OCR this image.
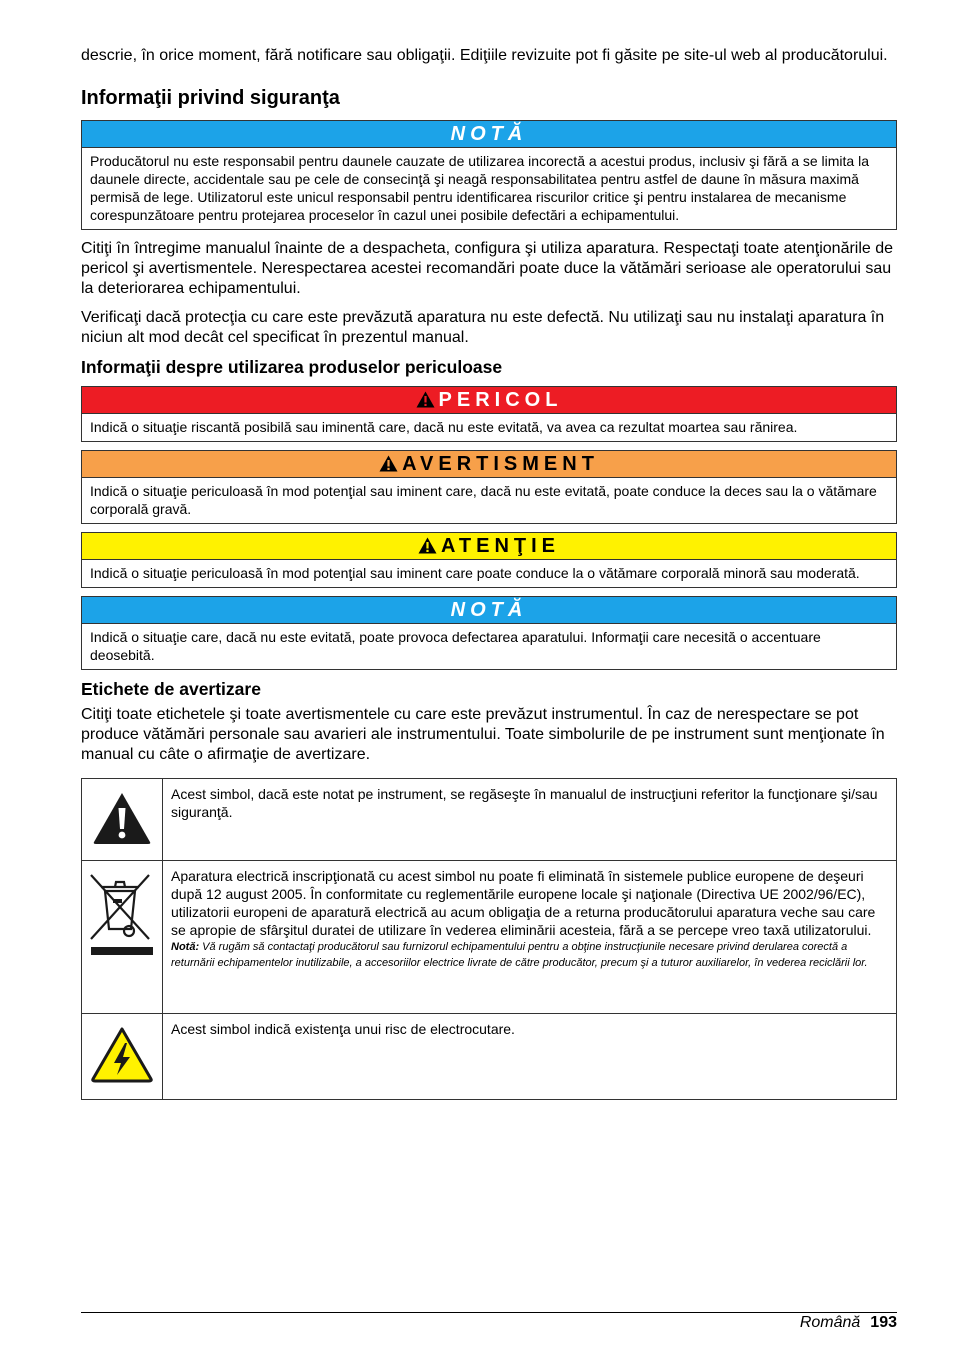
descrie, în orice moment, fără notificare sau obligaţii. Ediţiile revizuite pot fi găsite pe site-ul web al producătorului.

Informaţii privind siguranţa
NOTĂ
Producătorul nu este responsabil pentru daunele cauzate de utilizarea incorectă a acestui produs, inclusiv şi fără a se limita la daunele directe, accidentale sau pe cele de consecinţă şi neagă responsabilitatea pentru astfel de daune în măsura maximă permisă de lege. Utilizatorul este unicul responsabil pentru identificarea riscurilor critice şi pentru instalarea de mecanisme corespunzătoare pentru protejarea proceselor în cazul unei posibile defectări a echipamentului.

Citiţi în întregime manualul înainte de a despacheta, configura şi utiliza aparatura. Respectaţi toate atenţionările de pericol şi avertismentele. Nerespectarea acestei recomandări poate duce la vătămări serioase ale operatorului sau la deteriorarea echipamentului.

Verificaţi dacă protecţia cu care este prevăzută aparatura nu este defectă. Nu utilizaţi sau nu instalaţi aparatura în niciun alt mod decât cel specificat în prezentul manual.

Informaţii despre utilizarea produselor periculoase
PERICOL
Indică o situaţie riscantă posibilă sau iminentă care, dacă nu este evitată, va avea ca rezultat moartea sau rănirea.
AVERTISMENT
Indică o situaţie periculoasă în mod potenţial sau iminent care, dacă nu este evitată, poate conduce la deces sau la o vătămare corporală gravă.
ATENŢIE
Indică o situaţie periculoasă în mod potenţial sau iminent care poate conduce la o vătămare corporală minoră sau moderată.
NOTĂ
Indică o situaţie care, dacă nu este evitată, poate provoca defectarea aparatului. Informaţii care necesită o accentuare deosebită.
Etichete de avertizare

Citiţi toate etichetele şi toate avertismentele cu care este prevăzut instrumentul. În caz de nerespectare se pot produce vătămări personale sau avarieri ale instrumentului. Toate simbolurile de pe instrument sunt menţionate în manual cu câte o afirmaţie de avertizare.

	Acest simbol, dacă este notat pe instrument, se regăseşte în manualul de instrucţiuni referitor la funcţionare şi/sau siguranţă.

Aparatura electrică inscripţionată cu acest simbol nu poate fi eliminată în sistemele publice europene de deşeuri după 12 august 2005. În conformitate cu reglementările europene locale şi naţionale (Directiva UE 2002/96/EC), utilizatorii europeni de aparatură electrică au acum obligaţia de a returna producătorului aparatura veche sau care se apropie de sfârşitul duratei de utilizare în vederea eliminării acesteia, fără a se percepe vreo taxă utilizatorului.
Notă: Vă rugăm să contactaţi producătorul sau furnizorul echipamentului pentru a obţine instrucţiunile necesare privind derularea corectă a returnării echipamentelor inutilizabile, a accesoriilor electrice livrate de către producător, precum şi a tuturor auxiliarelor, în vederea reciclării lor.

	Acest simbol indică existenţa unui risc de electrocutare.
Română 193
